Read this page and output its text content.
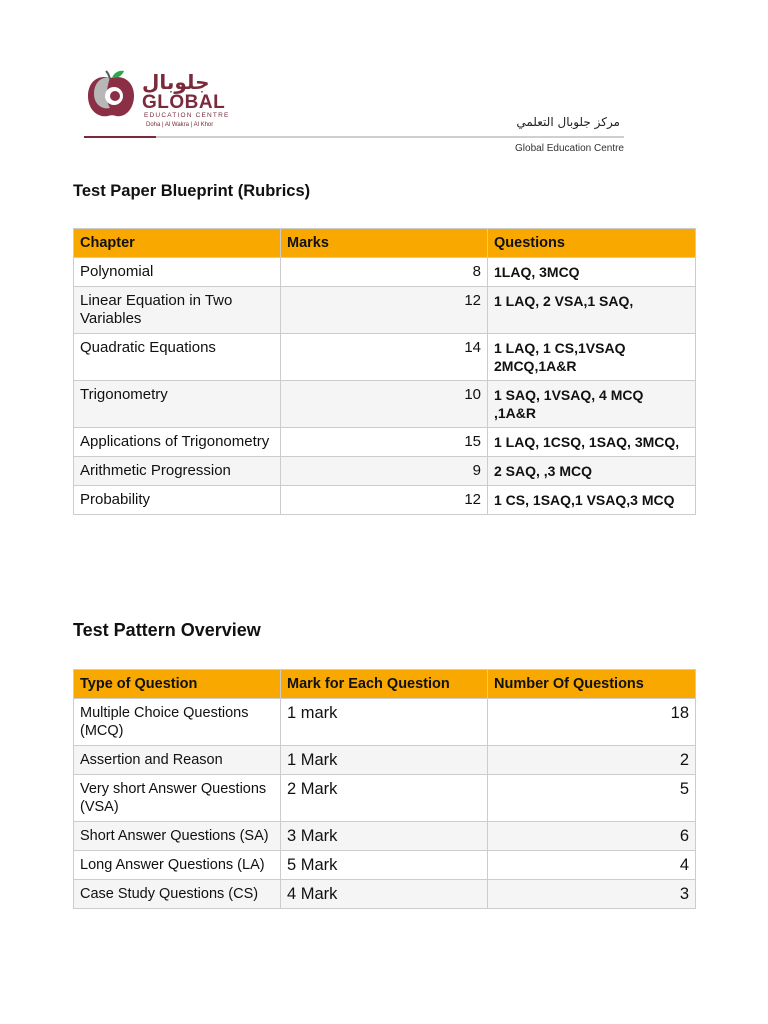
جلوبال
GLOBAL
EDUCATION CENTRE
Doha | Al Wakra | Al Khor	مركز جلوبال التعلمي
Global Education Centre
Test Paper Blueprint (Rubrics)
Chapter	Marks	Questions
Polynomial	8	1LAQ, 3MCQ
Linear Equation in Two Variables	12	1 LAQ, 2 VSA,1 SAQ,
Quadratic Equations	14	1 LAQ, 1 CS,1VSAQ 2MCQ,1A&R
Trigonometry	10	1 SAQ, 1VSAQ, 4 MCQ ,1A&R
Applications of Trigonometry	15	1 LAQ, 1CSQ, 1SAQ, 3MCQ,
Arithmetic Progression	9	2 SAQ, ,3 MCQ
Probability	12	1 CS, 1SAQ,1 VSAQ,3 MCQ
Test Pattern Overview
Type of Question	Mark for Each Question	Number Of Questions
Multiple Choice Questions (MCQ)	1 mark	18
Assertion and Reason	1 Mark	2
Very short Answer Questions (VSA)	2 Mark	5
Short Answer Questions (SA)	3 Mark	6
Long Answer Questions (LA)	5 Mark	4
Case Study Questions (CS)	4 Mark	3
